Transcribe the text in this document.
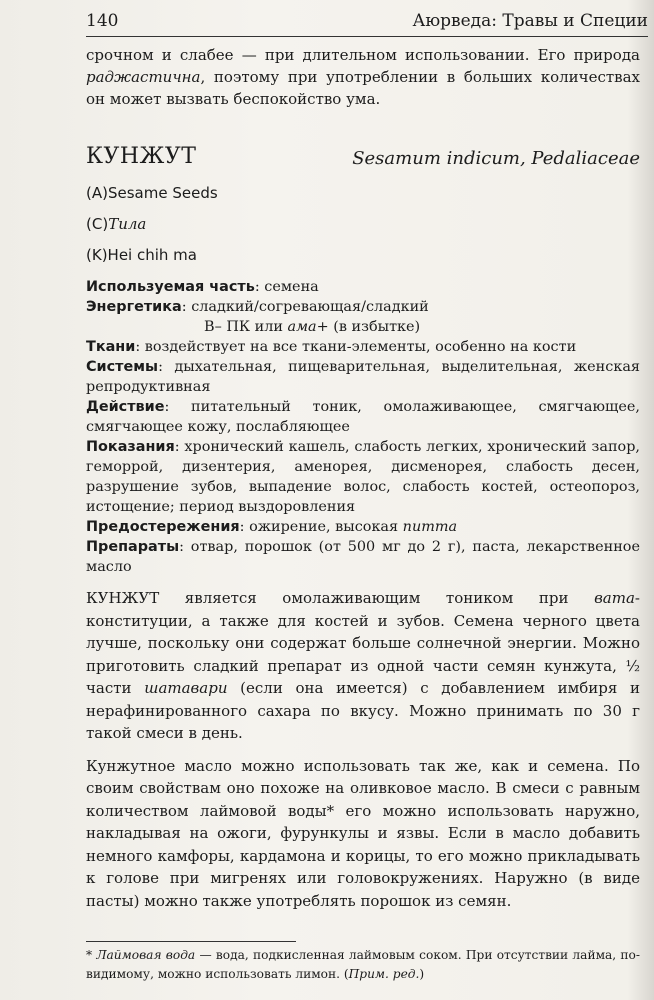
140	Аюрведа: Травы и Специи

срочном и слабее — при длительном использовании. Его природа раджастична, поэтому при употреблении в больших количествах он может вызвать беспокойство ума.

КУНЖУТ	Sesamum indicum, Pedaliaceae
(A)Sesame Seeds
(C)Тила
(K)Hei chih ma

Используемая часть: семена

Энергетика: сладкий/согревающая/сладкий

В– ПК или ама+ (в избытке)

Ткани: воздействует на все ткани-элементы, особенно на кости

Системы: дыхательная, пищеварительная, выделительная, женская репродуктивная

Действие: питательный тоник, омолаживающее, смягчающее, смягчающее кожу, послабляющее

Показания: хронический кашель, слабость легких, хронический запор, геморрой, дизентерия, аменорея, дисменорея, слабость десен, разрушение зубов, выпадение волос, слабость костей, остеопороз, истощение; период выздоровления

Предостережения: ожирение, высокая питта

Препараты: отвар, порошок (от 500 мг до 2 г), паста, лекарственное масло

КУНЖУТ является омолаживающим тоником при вата-конституции, а также для костей и зубов. Семена черного цвета лучше, поскольку они содержат больше солнечной энергии. Можно приготовить сладкий препарат из одной части семян кунжута, ½ части шатавари (если она имеется) с добавлением имбиря и нерафинированного сахара по вкусу. Можно принимать по 30 г такой смеси в день.

Кунжутное масло можно использовать так же, как и семена. По своим свойствам оно похоже на оливковое масло. В смеси с равным количеством лаймовой воды* его можно использовать наружно, накладывая на ожоги, фурункулы и язвы. Если в масло добавить немного камфоры, кардамона и корицы, то его можно прикладывать к голове при мигренях или головокружениях. Наружно (в виде пасты) можно также употреблять порошок из семян.

* Лаймовая вода — вода, подкисленная лаймовым соком. При отсутствии лайма, по-видимому, можно использовать лимон. (Прим. ред.)
